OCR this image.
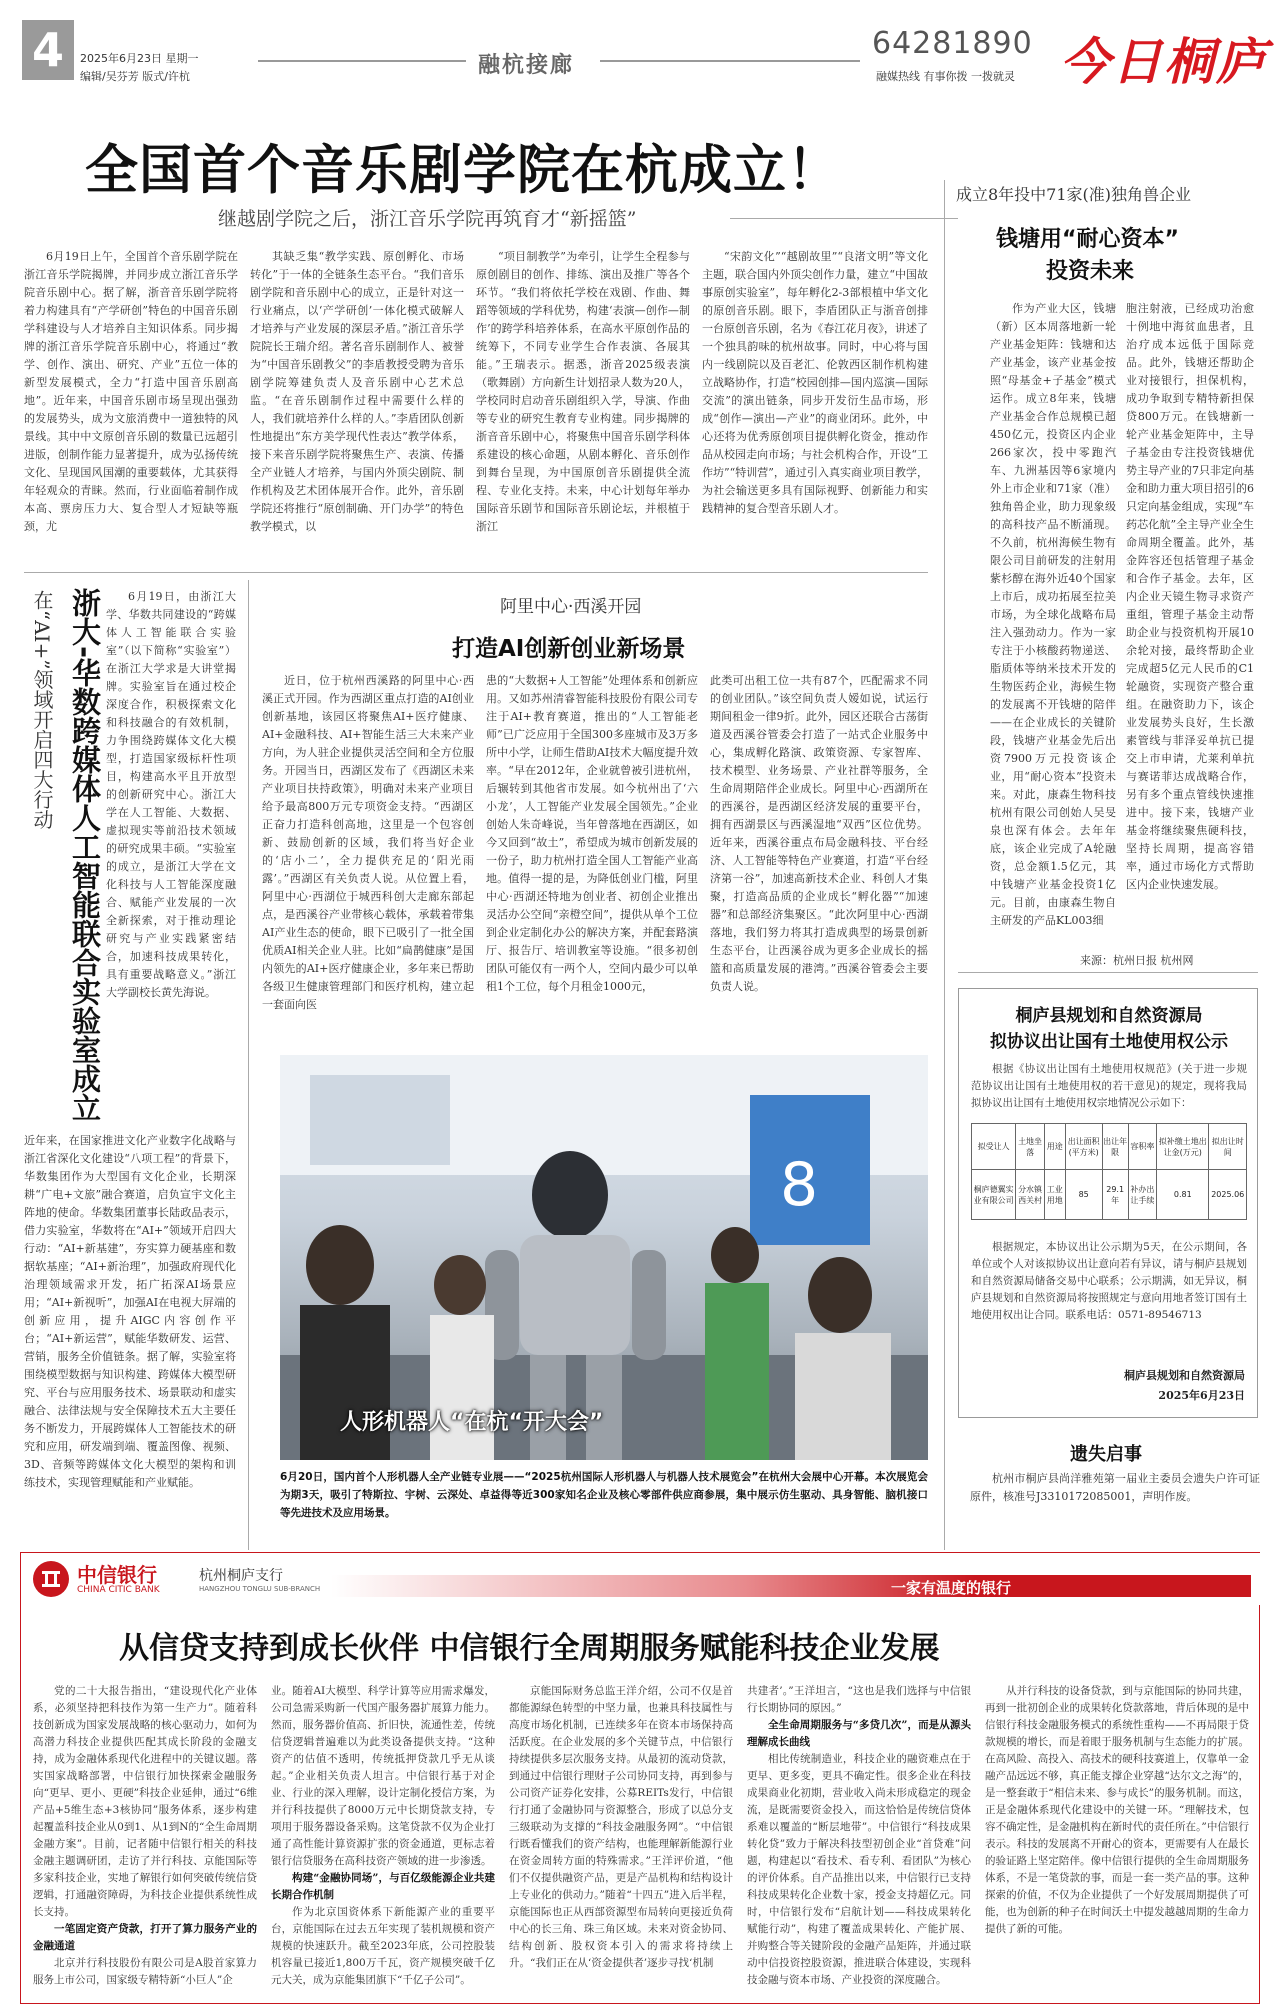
4	2025年6月23日 星期一
编辑/吴芬芳 版式/许杭	融杭接廊
64281890
融媒热线 有事你拨 一拨就灵 今日桐庐
全国首个音乐剧学院在杭成立！
继越剧学院之后，浙江音乐学院再筑育才“新摇篮”

6月19日上午，全国首个音乐剧学院在浙江音乐学院揭牌，并同步成立浙江音乐学院音乐剧中心。据了解，浙音音乐剧学院将着力构建具有“产学研创”特色的中国音乐剧学科建设与人才培养自主知识体系。同步揭牌的浙江音乐学院音乐剧中心，将通过“教学、创作、演出、研究、产业”五位一体的新型发展模式，全力“打造中国音乐剧高地”。近年来，中国音乐剧市场呈现出强劲的发展势头，成为文旅消费中一道独特的风景线。其中中文原创音乐剧的数量已远超引进版，创制作能力显著提升，成为弘扬传统文化、呈现国风国潮的重要载体，尤其获得年轻观众的青睐。然而，行业面临着制作成本高、票房压力大、复合型人才短缺等瓶颈，尤

其缺乏集“教学实践、原创孵化、市场转化”于一体的全链条生态平台。“我们音乐剧学院和音乐剧中心的成立，正是针对这一行业痛点，以‘产学研创’一体化模式破解人才培养与产业发展的深层矛盾。”浙江音乐学院院长王瑞介绍。著名音乐剧制作人、被誉为“中国音乐剧教父”的李盾教授受聘为音乐剧学院筹建负责人及音乐剧中心艺术总监。“在音乐剧制作过程中需要什么样的人，我们就培养什么样的人。”李盾团队创新性地提出“东方美学现代性表达”教学体系，接下来音乐剧学院将聚焦生产、表演、传播全产业链人才培养，与国内外顶尖剧院、制作机构及艺术团体展开合作。此外，音乐剧学院还将推行“原创制确、开门办学”的特色教学模式，以

“项目制教学”为牵引，让学生全程参与原创剧目的创作、排练、演出及推广等各个环节。“我们将依托学校在戏剧、作曲、舞蹈等领域的学科优势，构建‘表演—创作—制作’的跨学科培养体系，在高水平原创作品的统筹下，不同专业学生合作表演、各展其能。”王瑞表示。据悉，浙音2025级表演（歌舞剧）方向新生计划招录人数为20人，学校同时启动音乐剧组织入学，导演、作曲等专业的研究生教育专业构建。同步揭牌的浙音音乐剧中心，将聚焦中国音乐剧学科体系建设的核心命题，从剧本孵化、音乐创作到舞台呈现，为中国原创音乐剧提供全流程、专业化支持。未来，中心计划每年举办国际音乐剧节和国际音乐剧论坛，并根植于浙江

“宋韵文化”“越剧故里”“良渚文明”等文化主题，联合国内外顶尖创作力量，建立“中国故事原创实验室”，每年孵化2-3部根植中华文化的原创音乐剧。眼下，李盾团队正与浙音创排一台原创音乐剧，名为《春江花月夜》，讲述了一个独具韵味的杭州故事。同时，中心将与国内一线剧院以及百老汇、伦敦西区制作机构建立战略协作，打造“校园创排—国内巡演—国际交流”的演出链条，同步开发衍生品市场，形成“创作—演出—产业”的商业闭环。此外，中心还将为优秀原创项目提供孵化资金，推动作品从校园走向市场；与社会机构合作，开设“工作坊”“特训营”，通过引入真实商业项目教学，为社会输送更多具有国际视野、创新能力和实践精神的复合型音乐剧人才。

成立8年投中71家(准)独角兽企业
钱塘用“耐心资本”
投资未来

作为产业大区，钱塘（新）区本周落地新一轮产业基金矩阵：钱塘和达产业基金，该产业基金按照“母基金+子基金”模式运作。成立8年来，钱塘产业基金合作总规模已超450亿元，投资区内企业266家次，投中零跑汽车、九洲基因等6家境内外上市企业和71家（准）独角兽企业，助力现象级的高科技产品不断涌现。不久前，杭州海候生物有限公司目前研发的注射用紫杉醇在海外近40个国家上市后，成功拓展至拉美市场，为全球化战略布局注入强劲动力。作为一家专注于小核酸药物递送、脂质体等纳米技术开发的生物医药企业，海候生物的发展离不开钱塘的陪伴——在企业成长的关键阶段，钱塘产业基金先后出资7900万元投资该企业，用“耐心资本”投资未来。对此，康森生物科技杭州有限公司创始人吴旻泉也深有体会。去年年底，该企业完成了A轮融资，总金额1.5亿元，其中钱塘产业基金投资1亿元。目前，由康森生物自主研发的产品KL003细

胞注射液，已经成功治愈十例地中海贫血患者，且治疗成本远低于国际竞品。此外，钱塘还帮助企业对接银行，担保机构，成功争取到专精特新担保贷800万元。在钱塘新一轮产业基金矩阵中，主导子基金由专注投资钱塘优势主导产业的7只非定向基金和助力重大项目招引的6只定向基金组成，实现“车药芯化航”全主导产业全生命周期全覆盖。此外，基金阵容还包括管理子基金和合作子基金。去年，区内企业天镜生物寻求资产重组，管理子基金主动帮助企业与投资机构开展10余轮对接，最终帮助企业完成超5亿元人民币的C1轮融资，实现资产整合重组。在融资助力下，该企业发展势头良好，生长激素管线与菲泽妥单抗已提交上市申请，尤莱利单抗与赛诺菲达成战略合作，另有多个重点管线快速推进中。接下来，钱塘产业基金将继续聚焦硬科技，坚持长周期，提高容错率，通过市场化方式帮助区内企业快速发展。

来源：杭州日报 杭州网
桐庐县规划和自然资源局
拟协议出让国有土地使用权公示

根据《协议出让国有土地使用权规范》(关于进一步规范协议出让国有土地使用权的若干意见)的规定，现将我局拟协议出让国有土地使用权宗地情况公示如下：

拟受让人	土地坐落	用途	出让面积(平方米)	出让年限	容积率	拟补缴土地出让金(万元)	拟出让时间
桐庐德翼实业有限公司	分水镇西关村	工业用地	85	29.1年	补办出让手续	0.81	2025.06

根据规定，本协议出让公示期为5天，在公示期间，各单位或个人对该拟协议出让意向若有异议，请与桐庐县规划和自然资源局储备交易中心联系；公示期满，如无异议，桐庐县规划和自然资源局将按照规定与意向用地者签订国有土地使用权出让合同。联系电话：0571-89546713

桐庐县规划和自然资源局
2025年6月23日
遗失启事

杭州市桐庐县尚洋雅苑第一届业主委员会遗失户许可证原件，核准号J3310172085001，声明作废。

在“AI+”领域开启四大行动 浙大-华数跨媒体人工智能联合实验室成立	6月19日，由浙江大学、华数共同建设的“跨媒体人工智能联合实验室”（以下简称“实验室”）在浙江大学求是大讲堂揭牌。实验室旨在通过校企深度合作，积极探索文化和科技融合的有效机制，力争围绕跨媒体文化大模型，打造国家级标杆性项目，构建高水平且开放型的创新研究中心。浙江大学在人工智能、大数据、虚拟现实等前沿技术领域的研究成果丰硕。“实验室的成立，是浙江大学在文化科技与人工智能深度融合、赋能产业发展的一次全新探索，对于推动理论研究与产业实践紧密结合，加速科技成果转化，具有重要战略意义。”浙江大学副校长黄先海说。

近年来，在国家推进文化产业数字化战略与浙江省深化文化建设“八项工程”的背景下，华数集团作为大型国有文化企业，长期深耕“广电+文旅”融合赛道，启负宣宇文化主阵地的使命。华数集团董事长陆政品表示，借力实验室，华数将在“AI+”领域开启四大行动：“AI+新基建”，夯实算力硬基座和数据软基座；“AI+新治理”，加强政府现代化治理领域需求开发，拓广拓深AI场景应用；“AI+新视听”，加强AI在电视大屏端的创新应用，提升AIGC内容创作平台；“AI+新运营”，赋能华数研发、运营、营销，服务全价值链条。据了解，实验室将围绕模型数据与知识构建、跨媒体大模型研究、平台与应用服务技术、场景联动和虚实融合、法律法规与安全保障技术五大主要任务不断发力，开展跨媒体人工智能技术的研究和应用，研发端到端、覆盖图像、视频、3D、音频等跨媒体文化大模型的架构和训练技术，实现管理赋能和产业赋能。

阿里中心·西溪开园
打造AI创新创业新场景

近日，位于杭州西溪路的阿里中心·西溪正式开园。作为西湖区重点打造的AI创业创新基地，该园区将聚焦AI+医疗健康、AI+金融科技、AI+智能生活三大未来产业方向，为人驻企业提供灵活空间和全方位服务。开园当日，西湖区发布了《西湖区未来产业项目扶持政策》，明确对未来产业项目给予最高800万元专项资金支持。“西湖区正奋力打造科创高地，这里是一个包容创新、鼓励创新的区域，我们将当好企业的‘店小二’，全力提供充足的‘阳光雨露’。”西湖区有关负责人说。从位置上看，阿里中心·西湖位于城西科创大走廊东部起点，是西溪谷产业带核心载体，承载着带集AI产业生态的使命，眼下已吸引了一批全国优质AI相关企业人驻。比如“扁鹊健康”是国内领先的AI+医疗健康企业，多年来已帮助各级卫生健康管理部门和医疗机构，建立起一套面向医

患的“大数据+人工智能”处理体系和创新应用。又如苏州清睿智能科技股份有限公司专注于AI+教育赛道，推出的“人工智能老师”已广泛应用于全国300多座城市及3万多所中小学，让师生借助AI技术大幅度提升效率。“早在2012年，企业就曾被引进杭州，后辗转到其他省市发展。如今杭州出了‘六小龙’，人工智能产业发展全国领先。”企业创始人朱奇峰说，当年曾落地在西湖区，如今又回到“故土”，希望成为城市创新发展的一份子，助力杭州打造全国人工智能产业高地。值得一提的是，为降低创业门槛，阿里中心·西湖还特地为创业者、初创企业推出灵活办公空间“亲橙空间”，提供从单个工位到企业定制化办公的解决方案，并配套路演厅、报告厅、培训教室等设施。“很多初创团队可能仅有一两个人，空间内最少可以单租1个工位，每个月租金1000元，

此类可出租工位一共有87个，匹配需求不同的创业团队。”该空间负责人嫒如说，试运行期间租金一律9折。此外，园区还联合古荡街道及西溪谷管委会打造了一站式企业服务中心，集成孵化路演、政策资源、专家智库、技术模型、业务场景、产业社群等服务，全生命周期陪伴企业成长。阿里中心·西湖所在的西溪谷，是西湖区经济发展的重要平台，拥有西湖景区与西溪湿地“双西”区位优势。近年来，西溪谷重点布局金融科技、平台经济、人工智能等特色产业赛道，打造“平台经济第一谷”，加速高新技术企业、科创人才集聚，打造高品质的企业成长“孵化器”“加速器”和总部经济集聚区。“此次阿里中心·西湖落地，我们努力将其打造成典型的场景创新生态平台，让西溪谷成为更多企业成长的摇篮和高质量发展的港湾。”西溪谷管委会主要负责人说。

8
人形机器人“在杭“开大会”

6月20日，国内首个人形机器人全产业链专业展——“2025杭州国际人形机器人与机器人技术展览会”在杭州大会展中心开幕。本次展览会为期3天，吸引了特斯拉、宇树、云深处、卓益得等近300家知名企业及核心零部件供应商参展，集中展示仿生驱动、具身智能、脑机接口等先进技术及应用场景。

中信银行
CHINA CITIC BANK
杭州桐庐支行
HANGZHOU TONGLU SUB-BRANCH	一家有温度的银行
从信贷支持到成长伙伴 中信银行全周期服务赋能科技企业发展

党的二十大报告指出，“建设现代化产业体系，必须坚持把科技作为第一生产力”。随着科技创新成为国家发展战略的核心驱动力，如何为高潜力科技企业提供匹配其成长阶段的金融支持，成为金融体系现代化进程中的关键议题。落实国家战略部署，中信银行加快探索金融服务向“更早、更小、更硬”科技企业延伸，通过“6维产品+5维生态+3核协同”服务体系，逐步构建起覆盖科技企业从0到1、从1到N的“全生命周期金融方案”。目前，记者随中信银行相关的科技金融主题调研团，走访了并行科技、京能国际等多家科技企业，实地了解银行如何突破传统信贷逻辑，打通融资障碍，为科技企业提供系统性成长支持。

一笔固定资产贷款，打开了算力服务产业的金融通道

北京并行科技股份有限公司是A股首家算力服务上市公司，国家级专精特新“小巨人”企

业。随着AI大模型、科学计算等应用需求爆发，公司急需采购新一代国产服务器扩展算力能力。然而，服务器价值高、折旧快，流通性差，传统信贷逻辑普遍难以为此类设备提供支持。“这种资产的估值不透明，传统抵押贷款几乎无从谈起。”企业相关负责人坦言。中信银行基于对企业、行业的深入理解，设计定制化授信方案，为并行科技提供了8000万元中长期贷款支持，专项用于服务器设备采购。这笔贷款不仅为企业打通了高性能计算资源扩张的资金通道，更标志着银行信贷服务在高科技资产领域的进一步渗透。

构建“金融协同场”，与百亿级能源企业共建长期合作机制

作为北京国资体系下新能源产业的重要平台，京能国际在过去五年实现了装机规模和资产规模的快速跃升。截至2023年底，公司控股装机容量已接近1,800万千瓦，资产规模突破千亿元大关，成为京能集团旗下“千亿子公司”。

京能国际财务总监王洋介绍，公司不仅是首都能源绿色转型的中坚力量，也兼具科技属性与高度市场化机制，已连续多年在资本市场保持高活跃度。在企业发展的多个关键节点，中信银行持续提供多层次服务支持。从最初的流动贷款，到通过中信银行理财子公司协同支持，再到参与公司资产证券化安排，公募REITs发行，中信银行打通了金融协同与资源整合，形成了以总分支三级联动为支撑的“科技金融服务网”。“中信银行既看懂我们的资产结构，也能理解新能源行业在资金周转方面的特殊需求。”王洋评价道，“他们不仅提供融资产品，更是产品机构和结构设计上专业化的供动力。”随着“十四五”进入后半程，京能国际也正从西部资源型布局转向更接近负荷中心的长三角、珠三角区域。未来对资金协同、结构创新、股权资本引入的需求将持续上升。“我们正在从‘资金提供者’逐步寻找‘机制

共建者’。”王洋坦言，“这也是我们选择与中信银行长期协同的原因。”

全生命周期服务与“多贷几次”，而是从源头理解成长曲线

相比传统制造业，科技企业的融资难点在于更早、更多变，更具不确定性。很多企业在科技成果商业化初期，营业收入尚未形成稳定的现金流，是既需要资金投入，而这恰恰是传统信贷体系难以覆盖的“断层地带”。中信银行“科技成果转化贷”致力于解决科技型初创企业“首贷难”问题，构建起以“看技术、看专利、看团队”为核心的评价体系。自产品推出以来，中信银行已支持科技成果转化企业数十家，授金支持超亿元。同时，中信银行发布“启航计划——科技成果转化赋能行动”，构建了覆盖成果转化、产能扩展、并购整合等关键阶段的金融产品矩阵，并通过联动中信投资控股资源，推进联合体建设，实现科技金融与资本市场、产业投资的深度融合。

从并行科技的设备贷款，到与京能国际的协同共建，再到一批初创企业的成果转化贷款落地，背后体现的是中信银行科技金融服务模式的系统性重构——不再局限于贷款规模的增长，而是着眼于服务机制与生态能力的扩展。在高风险、高投入、高技术的硬科技赛道上，仅靠单一金融产品远远不够，真正能支撑企业穿越“达尔文之海”的，是一整套敢于“相信未来、参与成长”的服务机制。而这，正是金融体系现代化建设中的关键一环。“理解技术，包容不确定性，是金融机构在新时代的责任所在。”中信银行表示。科技的发展离不开耐心的资本，更需要有人在最长的验证路上坚定陪伴。像中信银行提供的全生命周期服务体系，不是一笔贷款的事，而是一套一类产品的事。这种探索的价值，不仅为企业提供了一个好发展周期提供了可能，也为创新的种子在时间沃土中提发越越周期的生命力提供了新的可能。
